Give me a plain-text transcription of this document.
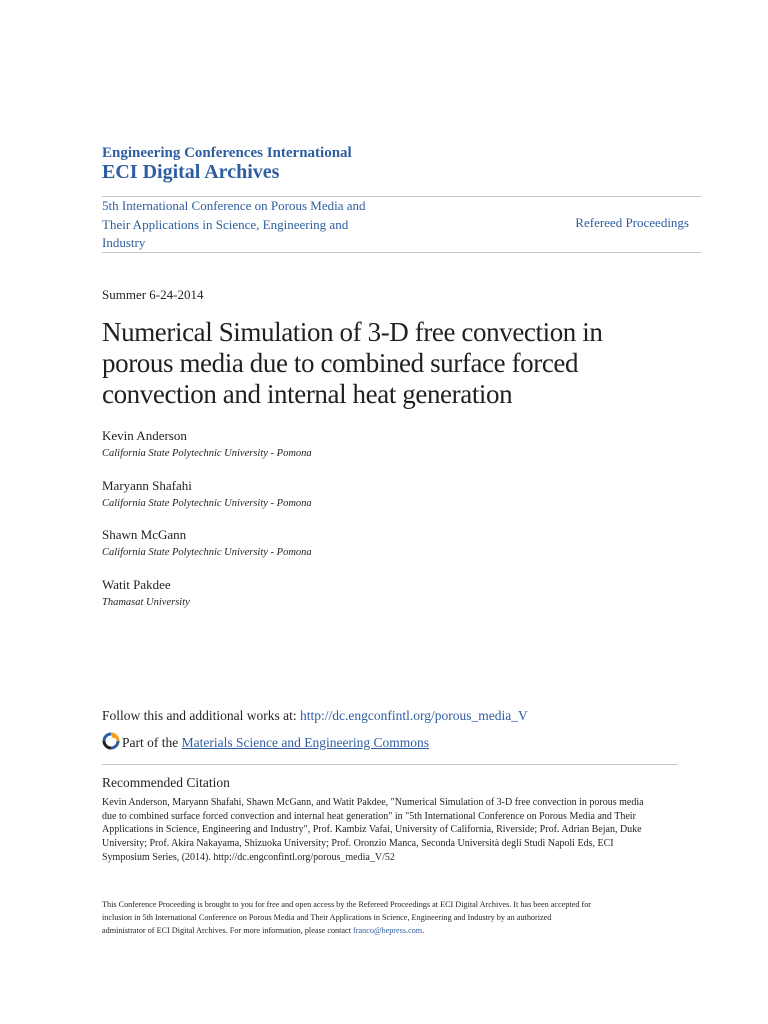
Engineering Conferences International
ECI Digital Archives
5th International Conference on Porous Media and
Their Applications in Science, Engineering and
Industry
Refereed Proceedings
Summer 6-24-2014
Numerical Simulation of 3-D free convection in
porous media due to combined surface forced
convection and internal heat generation
Kevin Anderson
California State Polytechnic University - Pomona
Maryann Shafahi
California State Polytechnic University - Pomona
Shawn McGann
California State Polytechnic University - Pomona
Watit Pakdee
Thamasat University
Follow this and additional works at: http://dc.engconfintl.org/porous_media_V
Part of the Materials Science and Engineering Commons
Recommended Citation
Kevin Anderson, Maryann Shafahi, Shawn McGann, and Watit Pakdee, "Numerical Simulation of 3-D free convection in porous media
due to combined surface forced convection and internal heat generation" in "5th International Conference on Porous Media and Their
Applications in Science, Engineering and Industry", Prof. Kambiz Vafai, University of California, Riverside; Prof. Adrian Bejan, Duke
University; Prof. Akira Nakayama, Shizuoka University; Prof. Oronzio Manca, Seconda Università degli Studi Napoli Eds, ECI
Symposium Series, (2014). http://dc.engconfintl.org/porous_media_V/52
This Conference Proceeding is brought to you for free and open access by the Refereed Proceedings at ECI Digital Archives. It has been accepted for
inclusion in 5th International Conference on Porous Media and Their Applications in Science, Engineering and Industry by an authorized
administrator of ECI Digital Archives. For more information, please contact franco@bepress.com.
